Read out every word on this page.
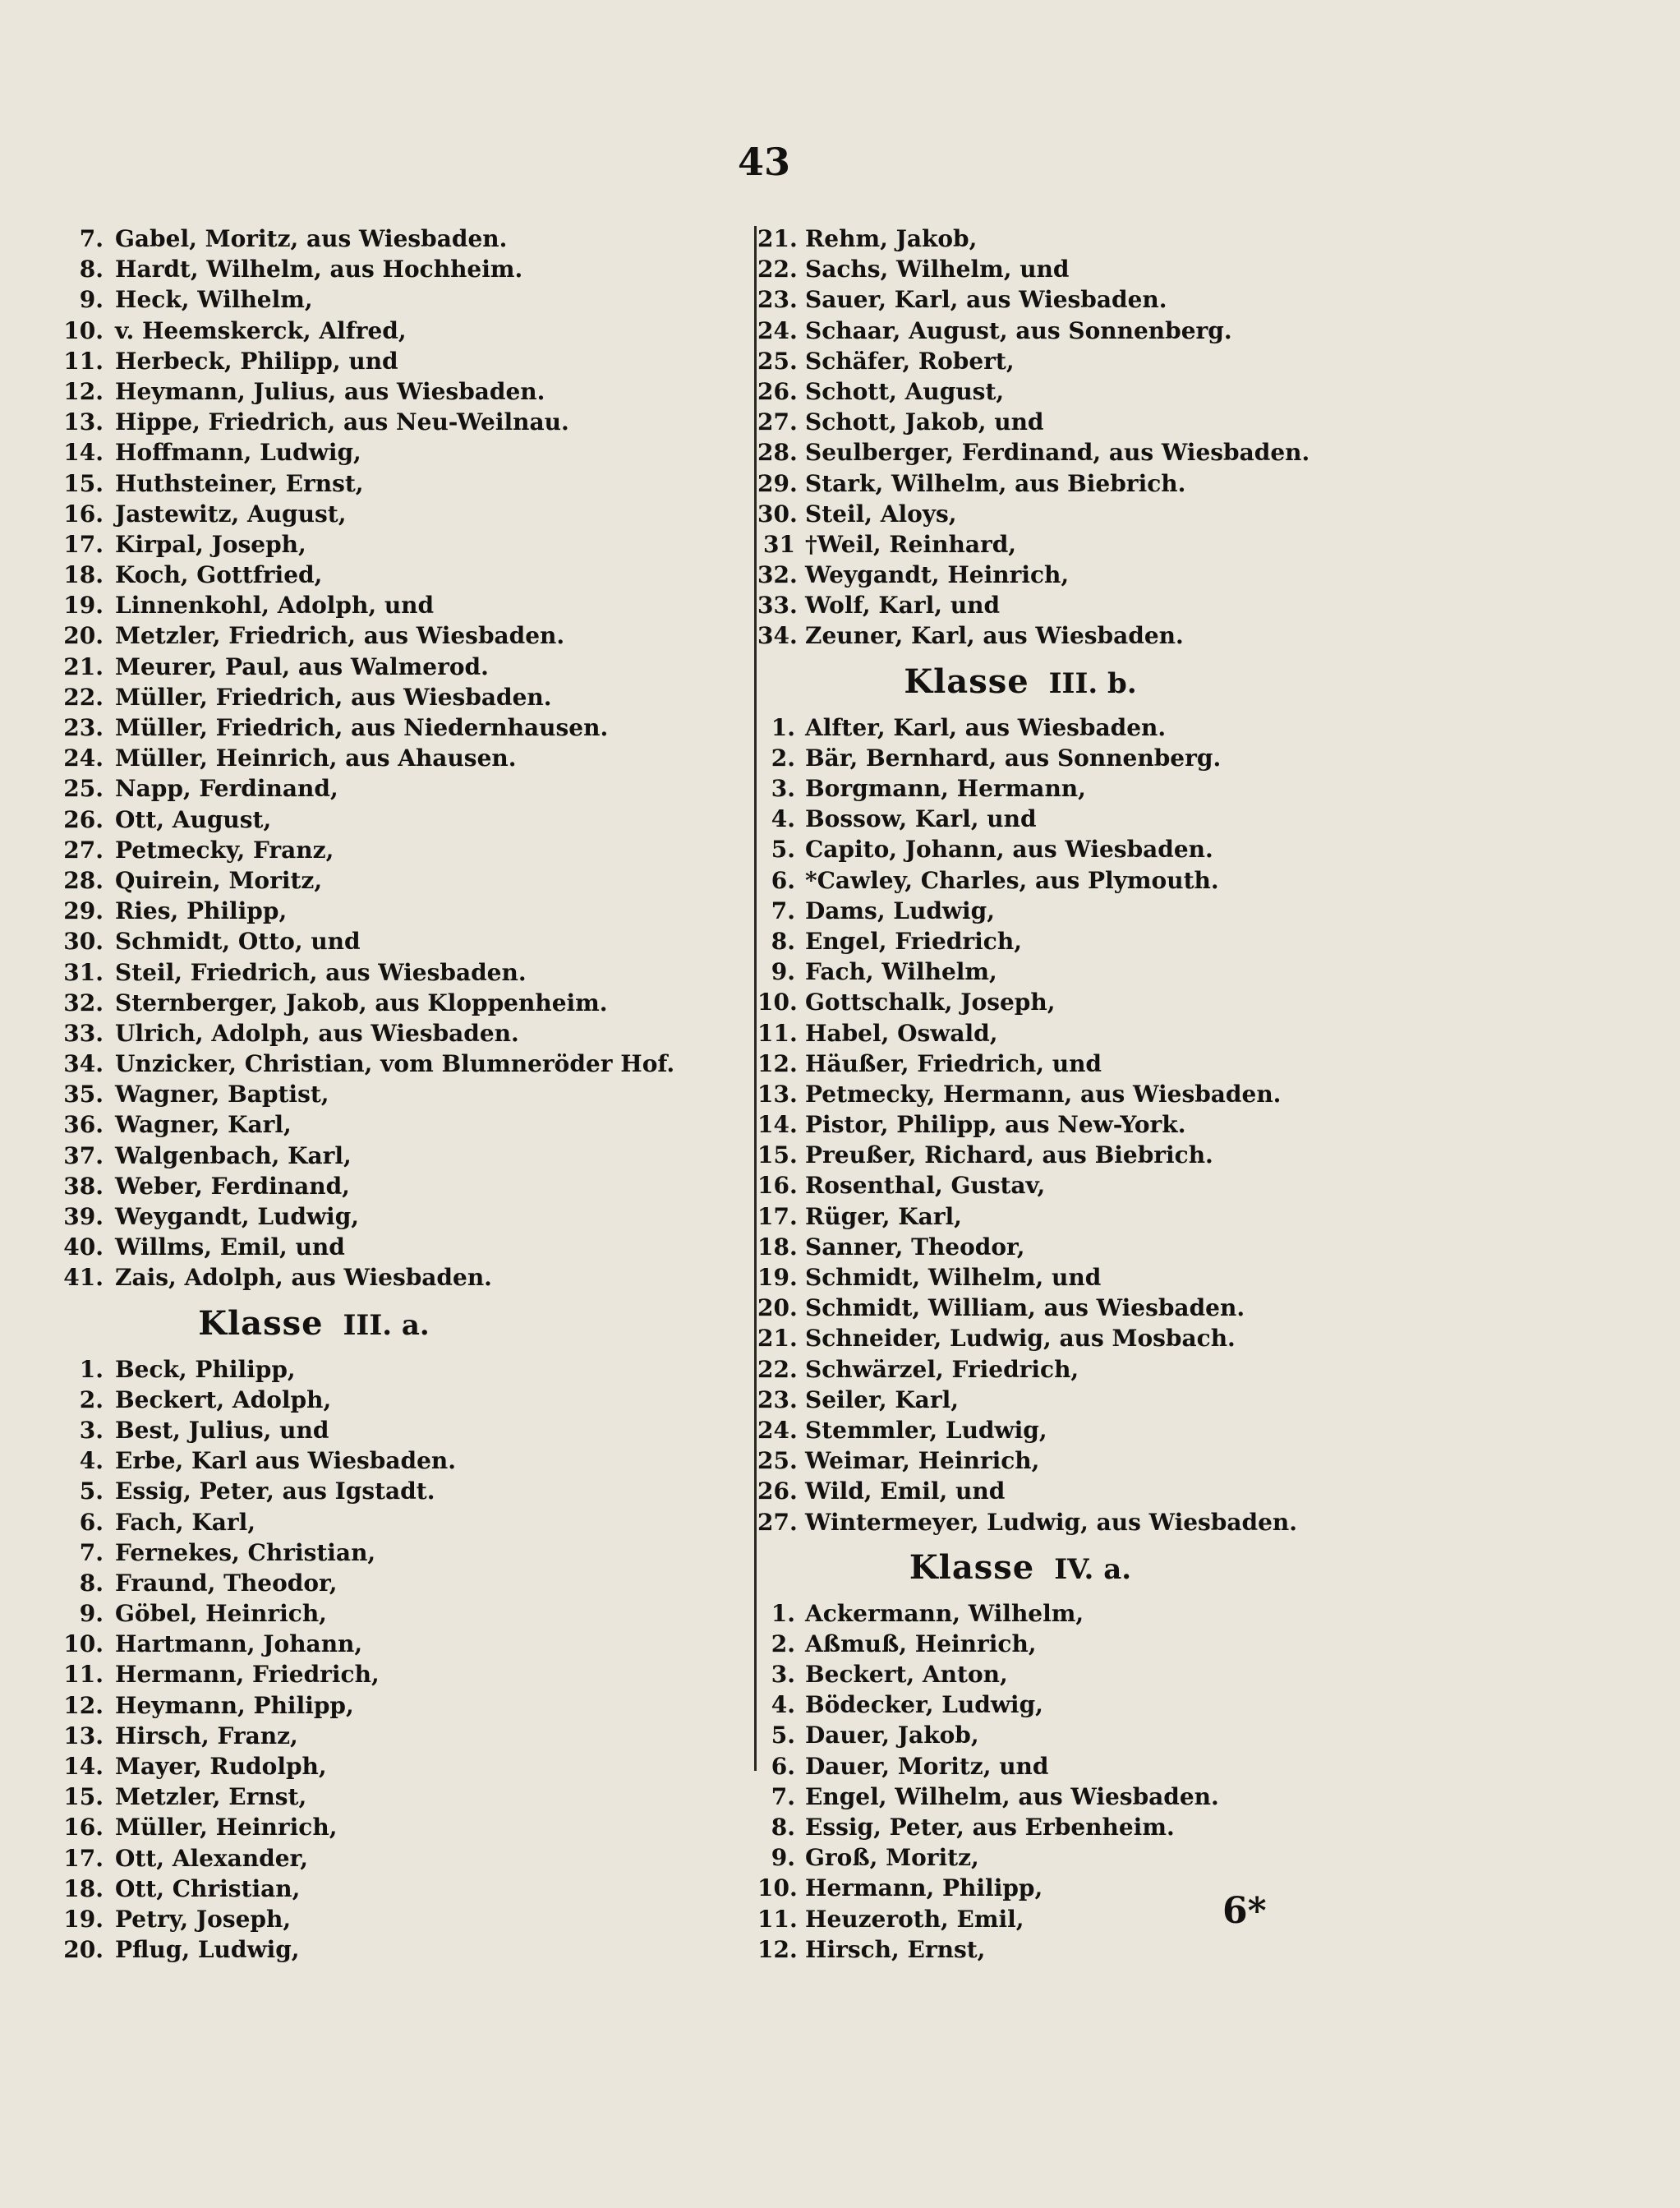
43
7. Gabel, Moritz, aus Wiesbaden.
8. Hardt, Wilhelm, aus Hochheim.
9. Heck, Wilhelm,
10. v. Heemskerck, Alfred,
11. Herbeck, Philipp, und
12. Heymann, Julius, aus Wiesbaden.
13. Hippe, Friedrich, aus Neu-Weilnau.
14. Hoffmann, Ludwig,
15. Huthsteiner, Ernst,
16. Jastewitz, August,
17. Kirpal, Joseph,
18. Koch, Gottfried,
19. Linnenkohl, Adolph, und
20. Metzler, Friedrich, aus Wiesbaden.
21. Meurer, Paul, aus Walmerod.
22. Müller, Friedrich, aus Wiesbaden.
23. Müller, Friedrich, aus Niedernhausen.
24. Müller, Heinrich, aus Ahausen.
25. Napp, Ferdinand,
26. Ott, August,
27. Petmecky, Franz,
28. Quirein, Moritz,
29. Ries, Philipp,
30. Schmidt, Otto, und
31. Steil, Friedrich, aus Wiesbaden.
32. Sternberger, Jakob, aus Kloppenheim.
33. Ulrich, Adolph, aus Wiesbaden.
34. Unzicker, Christian, vom Blumneröder Hof.
35. Wagner, Baptist,
36. Wagner, Karl,
37. Walgenbach, Karl,
38. Weber, Ferdinand,
39. Weygandt, Ludwig,
40. Willms, Emil, und
41. Zais, Adolph, aus Wiesbaden.
Klasse III. a.
1. Beck, Philipp,
2. Beckert, Adolph,
3. Best, Julius, und
4. Erbe, Karl aus Wiesbaden.
5. Essig, Peter, aus Igstadt.
6. Fach, Karl,
7. Fernekes, Christian,
8. Fraund, Theodor,
9. Göbel, Heinrich,
10. Hartmann, Johann,
11. Hermann, Friedrich,
12. Heymann, Philipp,
13. Hirsch, Franz,
14. Mayer, Rudolph,
15. Metzler, Ernst,
16. Müller, Heinrich,
17. Ott, Alexander,
18. Ott, Christian,
19. Petry, Joseph,
20. Pflug, Ludwig,
21. Rehm, Jakob,
22. Sachs, Wilhelm, und
23. Sauer, Karl, aus Wiesbaden.
24. Schaar, August, aus Sonnenberg.
25. Schäfer, Robert,
26. Schott, August,
27. Schott, Jakob, und
28. Seulberger, Ferdinand, aus Wiesbaden.
29. Stark, Wilhelm, aus Biebrich.
30. Steil, Aloys,
31 †Weil, Reinhard,
32. Weygandt, Heinrich,
33. Wolf, Karl, und
34. Zeuner, Karl, aus Wiesbaden.
Klasse III. b.
1. Alfter, Karl, aus Wiesbaden.
2. Bär, Bernhard, aus Sonnenberg.
3. Borgmann, Hermann,
4. Bossow, Karl, und
5. Capito, Johann, aus Wiesbaden.
6. *Cawley, Charles, aus Plymouth.
7. Dams, Ludwig,
8. Engel, Friedrich,
9. Fach, Wilhelm,
10. Gottschalk, Joseph,
11. Habel, Oswald,
12. Häußer, Friedrich, und
13. Petmecky, Hermann, aus Wiesbaden.
14. Pistor, Philipp, aus New-York.
15. Preußer, Richard, aus Biebrich.
16. Rosenthal, Gustav,
17. Rüger, Karl,
18. Sanner, Theodor,
19. Schmidt, Wilhelm, und
20. Schmidt, William, aus Wiesbaden.
21. Schneider, Ludwig, aus Mosbach.
22. Schwärzel, Friedrich,
23. Seiler, Karl,
24. Stemmler, Ludwig,
25. Weimar, Heinrich,
26. Wild, Emil, und
27. Wintermeyer, Ludwig, aus Wiesbaden.
Klasse IV. a.
1. Ackermann, Wilhelm,
2. Aßmuß, Heinrich,
3. Beckert, Anton,
4. Bödecker, Ludwig,
5. Dauer, Jakob,
6. Dauer, Moritz, und
7. Engel, Wilhelm, aus Wiesbaden.
8. Essig, Peter, aus Erbenheim.
9. Groß, Moritz,
10. Hermann, Philipp,
11. Heuzeroth, Emil,
12. Hirsch, Ernst,
6*
